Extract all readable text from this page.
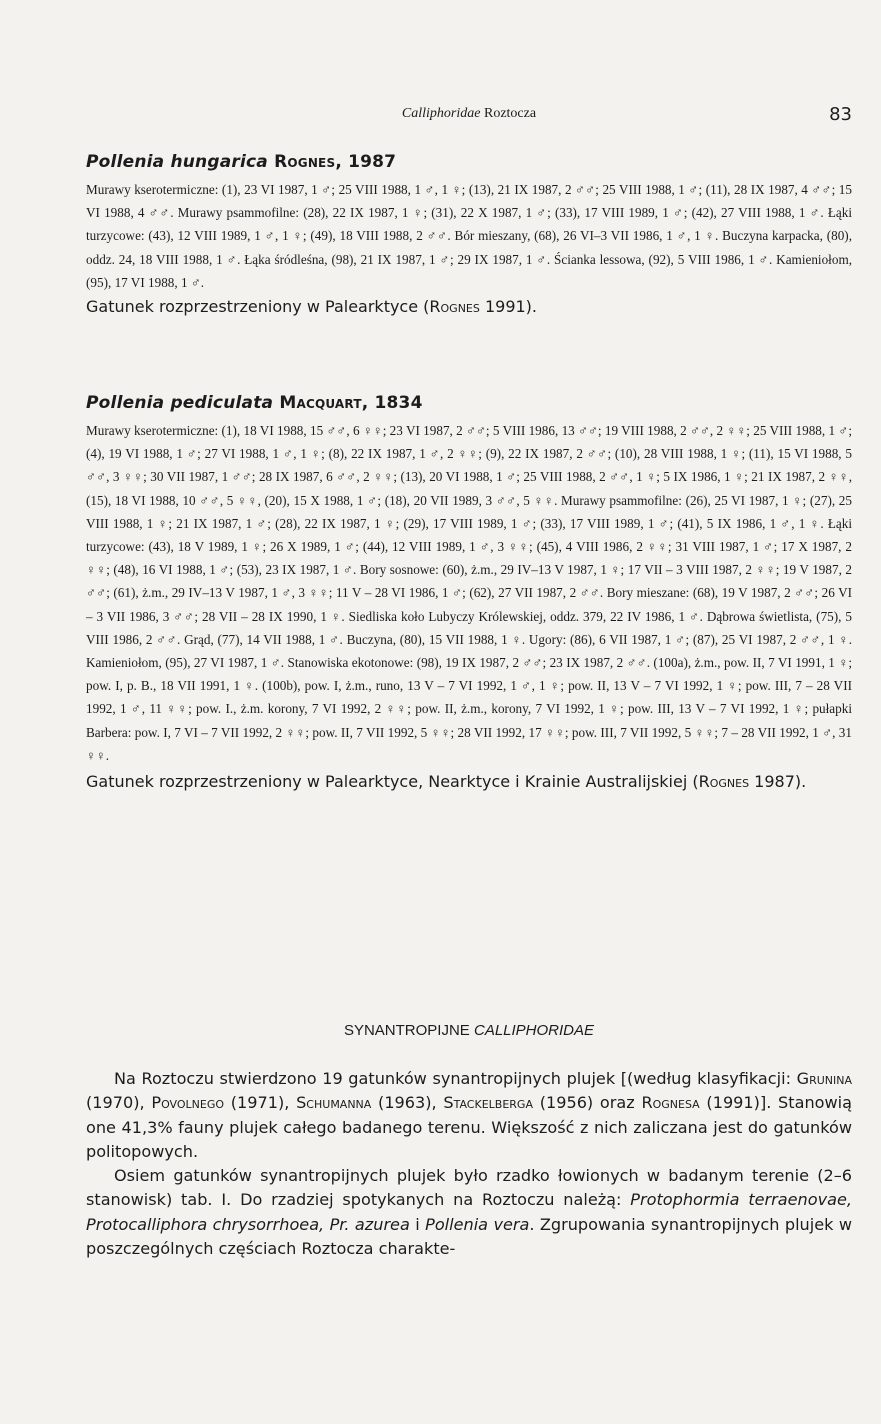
Calliphoridae Roztocza	83
Pollenia hungarica Rognes, 1987

Murawy kserotermiczne: (1), 23 VI 1987, 1 ♂; 25 VIII 1988, 1 ♂, 1 ♀; (13), 21 IX 1987, 2 ♂♂; 25 VIII 1988, 1 ♂; (11), 28 IX 1987, 4 ♂♂; 15 VI 1988, 4 ♂♂. Murawy psammofilne: (28), 22 IX 1987, 1 ♀; (31), 22 X 1987, 1 ♂; (33), 17 VIII 1989, 1 ♂; (42), 27 VIII 1988, 1 ♂. Łąki turzycowe: (43), 12 VIII 1989, 1 ♂, 1 ♀; (49), 18 VIII 1988, 2 ♂♂. Bór mieszany, (68), 26 VI–3 VII 1986, 1 ♂, 1 ♀. Buczyna karpacka, (80), oddz. 24, 18 VIII 1988, 1 ♂. Łąka śródleśna, (98), 21 IX 1987, 1 ♂; 29 IX 1987, 1 ♂. Ścianka lessowa, (92), 5 VIII 1986, 1 ♂. Kamieniołom, (95), 17 VI 1988, 1 ♂.

Gatunek rozprzestrzeniony w Palearktyce (Rognes 1991).

Pollenia pediculata Macquart, 1834

Murawy kserotermiczne: (1), 18 VI 1988, 15 ♂♂, 6 ♀♀; 23 VI 1987, 2 ♂♂; 5 VIII 1986, 13 ♂♂; 19 VIII 1988, 2 ♂♂, 2 ♀♀; 25 VIII 1988, 1 ♂; (4), 19 VI 1988, 1 ♂; 27 VI 1988, 1 ♂, 1 ♀; (8), 22 IX 1987, 1 ♂, 2 ♀♀; (9), 22 IX 1987, 2 ♂♂; (10), 28 VIII 1988, 1 ♀; (11), 15 VI 1988, 5 ♂♂, 3 ♀♀; 30 VII 1987, 1 ♂♂; 28 IX 1987, 6 ♂♂, 2 ♀♀; (13), 20 VI 1988, 1 ♂; 25 VIII 1988, 2 ♂♂, 1 ♀; 5 IX 1986, 1 ♀; 21 IX 1987, 2 ♀♀, (15), 18 VI 1988, 10 ♂♂, 5 ♀♀, (20), 15 X 1988, 1 ♂; (18), 20 VII 1989, 3 ♂♂, 5 ♀♀. Murawy psammofilne: (26), 25 VI 1987, 1 ♀; (27), 25 VIII 1988, 1 ♀; 21 IX 1987, 1 ♂; (28), 22 IX 1987, 1 ♀; (29), 17 VIII 1989, 1 ♂; (33), 17 VIII 1989, 1 ♂; (41), 5 IX 1986, 1 ♂, 1 ♀. Łąki turzycowe: (43), 18 V 1989, 1 ♀; 26 X 1989, 1 ♂; (44), 12 VIII 1989, 1 ♂, 3 ♀♀; (45), 4 VIII 1986, 2 ♀♀; 31 VIII 1987, 1 ♂; 17 X 1987, 2 ♀♀; (48), 16 VI 1988, 1 ♂; (53), 23 IX 1987, 1 ♂. Bory sosnowe: (60), ż.m., 29 IV–13 V 1987, 1 ♀; 17 VII – 3 VIII 1987, 2 ♀♀; 19 V 1987, 2 ♂♂; (61), ż.m., 29 IV–13 V 1987, 1 ♂, 3 ♀♀; 11 V – 28 VI 1986, 1 ♂; (62), 27 VII 1987, 2 ♂♂. Bory mieszane: (68), 19 V 1987, 2 ♂♂; 26 VI – 3 VII 1986, 3 ♂♂; 28 VII – 28 IX 1990, 1 ♀. Siedliska koło Lubyczy Królewskiej, oddz. 379, 22 IV 1986, 1 ♂. Dąbrowa świetlista, (75), 5 VIII 1986, 2 ♂♂. Grąd, (77), 14 VII 1988, 1 ♂. Buczyna, (80), 15 VII 1988, 1 ♀. Ugory: (86), 6 VII 1987, 1 ♂; (87), 25 VI 1987, 2 ♂♂, 1 ♀. Kamieniołom, (95), 27 VI 1987, 1 ♂. Stanowiska ekotonowe: (98), 19 IX 1987, 2 ♂♂; 23 IX 1987, 2 ♂♂. (100a), ż.m., pow. II, 7 VI 1991, 1 ♀; pow. I, p. B., 18 VII 1991, 1 ♀. (100b), pow. I, ż.m., runo, 13 V – 7 VI 1992, 1 ♂, 1 ♀; pow. II, 13 V – 7 VI 1992, 1 ♀; pow. III, 7 – 28 VII 1992, 1 ♂, 11 ♀♀; pow. I., ż.m. korony, 7 VI 1992, 2 ♀♀; pow. II, ż.m., korony, 7 VI 1992, 1 ♀; pow. III, 13 V – 7 VI 1992, 1 ♀; pułapki Barbera: pow. I, 7 VI – 7 VII 1992, 2 ♀♀; pow. II, 7 VII 1992, 5 ♀♀; 28 VII 1992, 17 ♀♀; pow. III, 7 VII 1992, 5 ♀♀; 7 – 28 VII 1992, 1 ♂, 31 ♀♀.

Gatunek rozprzestrzeniony w Palearktyce, Nearktyce i Krainie Australijskiej (Rognes 1987).

SYNANTROPIJNE CALLIPHORIDAE

Na Roztoczu stwierdzono 19 gatunków synantropijnych plujek [(według klasyfikacji: Grunina (1970), Povolnego (1971), Schumanna (1963), Stackelberga (1956) oraz Rognesa (1991)]. Stanowią one 41,3% fauny plujek całego badanego terenu. Większość z nich zaliczana jest do gatunków politopowych.

Osiem gatunków synantropijnych plujek było rzadko łowionych w badanym terenie (2–6 stanowisk) tab. I. Do rzadziej spotykanych na Roztoczu należą: Protophormia terraenovae, Protocalliphora chrysorrhoea, Pr. azurea i Pollenia vera. Zgrupowania synantropijnych plujek w poszczególnych częściach Roztocza charakte-
